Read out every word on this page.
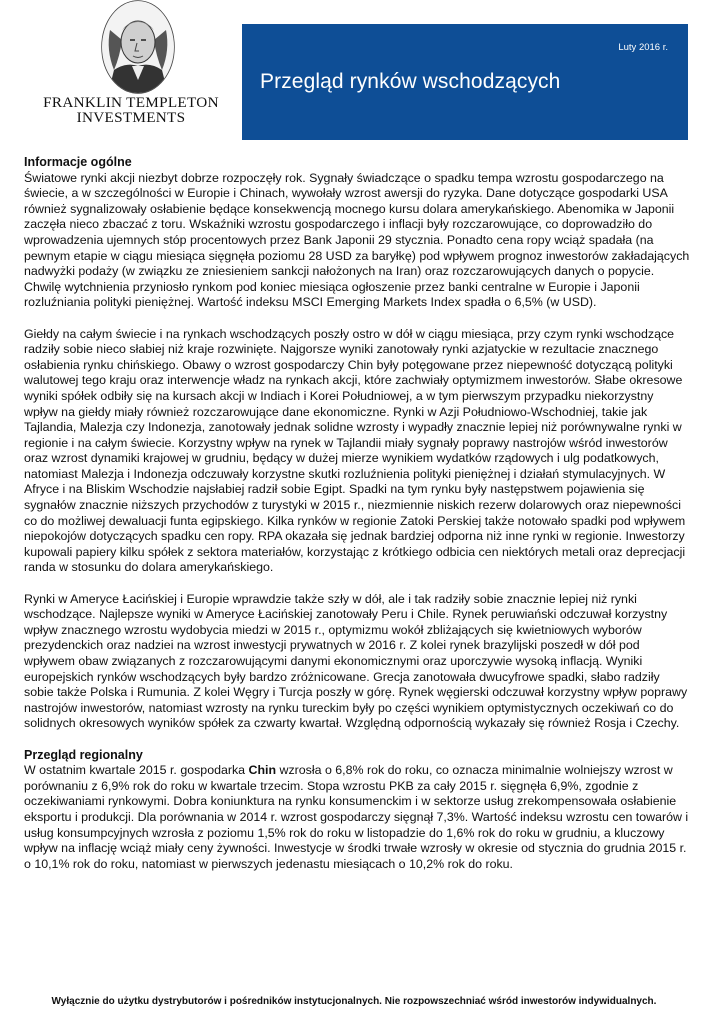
FRANKLIN TEMPLETON
INVESTMENTS
Luty 2016 r.
Przegląd rynków wschodzących
Informacje ogólne

Światowe rynki akcji niezbyt dobrze rozpoczęły rok. Sygnały świadczące o spadku tempa wzrostu gospodarczego na świecie, a w szczególności w Europie i Chinach, wywołały wzrost awersji do ryzyka. Dane dotyczące gospodarki USA również sygnalizowały osłabienie będące konsekwencją mocnego kursu dolara amerykańskiego. Abenomika w Japonii zaczęła nieco zbaczać z toru. Wskaźniki wzrostu gospodarczego i inflacji były rozczarowujące, co doprowadziło do wprowadzenia ujemnych stóp procentowych przez Bank Japonii 29 stycznia. Ponadto cena ropy wciąż spadała (na pewnym etapie w ciągu miesiąca sięgnęła poziomu 28 USD za baryłkę) pod wpływem prognoz inwestorów zakładających nadwyżki podaży (w związku ze zniesieniem sankcji nałożonych na Iran) oraz rozczarowujących danych o popycie. Chwilę wytchnienia przyniosło rynkom pod koniec miesiąca ogłoszenie przez banki centralne w Europie i Japonii rozluźniania polityki pieniężnej. Wartość indeksu MSCI Emerging Markets Index spadła o 6,5% (w USD).

Giełdy na całym świecie i na rynkach wschodzących poszły ostro w dół w ciągu miesiąca, przy czym rynki wschodzące radziły sobie nieco słabiej niż kraje rozwinięte. Najgorsze wyniki zanotowały rynki azjatyckie w rezultacie znacznego osłabienia rynku chińskiego. Obawy o wzrost gospodarczy Chin były potęgowane przez niepewność dotyczącą polityki walutowej tego kraju oraz interwencje władz na rynkach akcji, które zachwiały optymizmem inwestorów. Słabe okresowe wyniki spółek odbiły się na kursach akcji w Indiach i Korei Południowej, a w tym pierwszym przypadku niekorzystny wpływ na giełdy miały również rozczarowujące dane ekonomiczne. Rynki w Azji Południowo-Wschodniej, takie jak Tajlandia, Malezja czy Indonezja, zanotowały jednak solidne wzrosty i wypadły znacznie lepiej niż porównywalne rynki w regionie i na całym świecie. Korzystny wpływ na rynek w Tajlandii miały sygnały poprawy nastrojów wśród inwestorów oraz wzrost dynamiki krajowej w grudniu, będący w dużej mierze wynikiem wydatków rządowych i ulg podatkowych, natomiast Malezja i Indonezja odczuwały korzystne skutki rozluźnienia polityki pieniężnej i działań stymulacyjnych. W Afryce i na Bliskim Wschodzie najsłabiej radził sobie Egipt. Spadki na tym rynku były następstwem pojawienia się sygnałów znacznie niższych przychodów z turystyki w 2015 r., niezmiennie niskich rezerw dolarowych oraz niepewności co do możliwej dewaluacji funta egipskiego. Kilka rynków w regionie Zatoki Perskiej także notowało spadki pod wpływem niepokojów dotyczących spadku cen ropy. RPA okazała się jednak bardziej odporna niż inne rynki w regionie. Inwestorzy kupowali papiery kilku spółek z sektora materiałów, korzystając z krótkiego odbicia cen niektórych metali oraz deprecjacji randa w stosunku do dolara amerykańskiego.

Rynki w Ameryce Łacińskiej i Europie wprawdzie także szły w dół, ale i tak radziły sobie znacznie lepiej niż rynki wschodzące. Najlepsze wyniki w Ameryce Łacińskiej zanotowały Peru i Chile. Rynek peruwiański odczuwał korzystny wpływ znacznego wzrostu wydobycia miedzi w 2015 r., optymizmu wokół zbliżających się kwietniowych wyborów prezydenckich oraz nadziei na wzrost inwestycji prywatnych w 2016 r. Z kolei rynek brazylijski poszedł w dół pod wpływem obaw związanych z rozczarowującymi danymi ekonomicznymi oraz uporczywie wysoką inflacją. Wyniki europejskich rynków wschodzących były bardzo zróżnicowane. Grecja zanotowała dwucyfrowe spadki, słabo radziły sobie także Polska i Rumunia. Z kolei Węgry i Turcja poszły w górę. Rynek węgierski odczuwał korzystny wpływ poprawy nastrojów inwestorów, natomiast wzrosty na rynku tureckim były po części wynikiem optymistycznych oczekiwań co do solidnych okresowych wyników spółek za czwarty kwartał. Względną odpornością wykazały się również Rosja i Czechy.

Przegląd regionalny

W ostatnim kwartale 2015 r. gospodarka Chin wzrosła o 6,8% rok do roku, co oznacza minimalnie wolniejszy wzrost w porównaniu z 6,9% rok do roku w kwartale trzecim. Stopa wzrostu PKB za cały 2015 r. sięgnęła 6,9%, zgodnie z oczekiwaniami rynkowymi. Dobra koniunktura na rynku konsumenckim i w sektorze usług zrekompensowała osłabienie eksportu i produkcji. Dla porównania w 2014 r. wzrost gospodarczy sięgnął 7,3%. Wartość indeksu wzrostu cen towarów i usług konsumpcyjnych wzrosła z poziomu 1,5% rok do roku w listopadzie do 1,6% rok do roku w grudniu, a kluczowy wpływ na inflację wciąż miały ceny żywności. Inwestycje w środki trwałe wzrosły w okresie od stycznia do grudnia 2015 r. o 10,1% rok do roku, natomiast w pierwszych jedenastu miesiącach o 10,2% rok do roku.

Wyłącznie do użytku dystrybutorów i pośredników instytucjonalnych. Nie rozpowszechniać wśród inwestorów indywidualnych.
